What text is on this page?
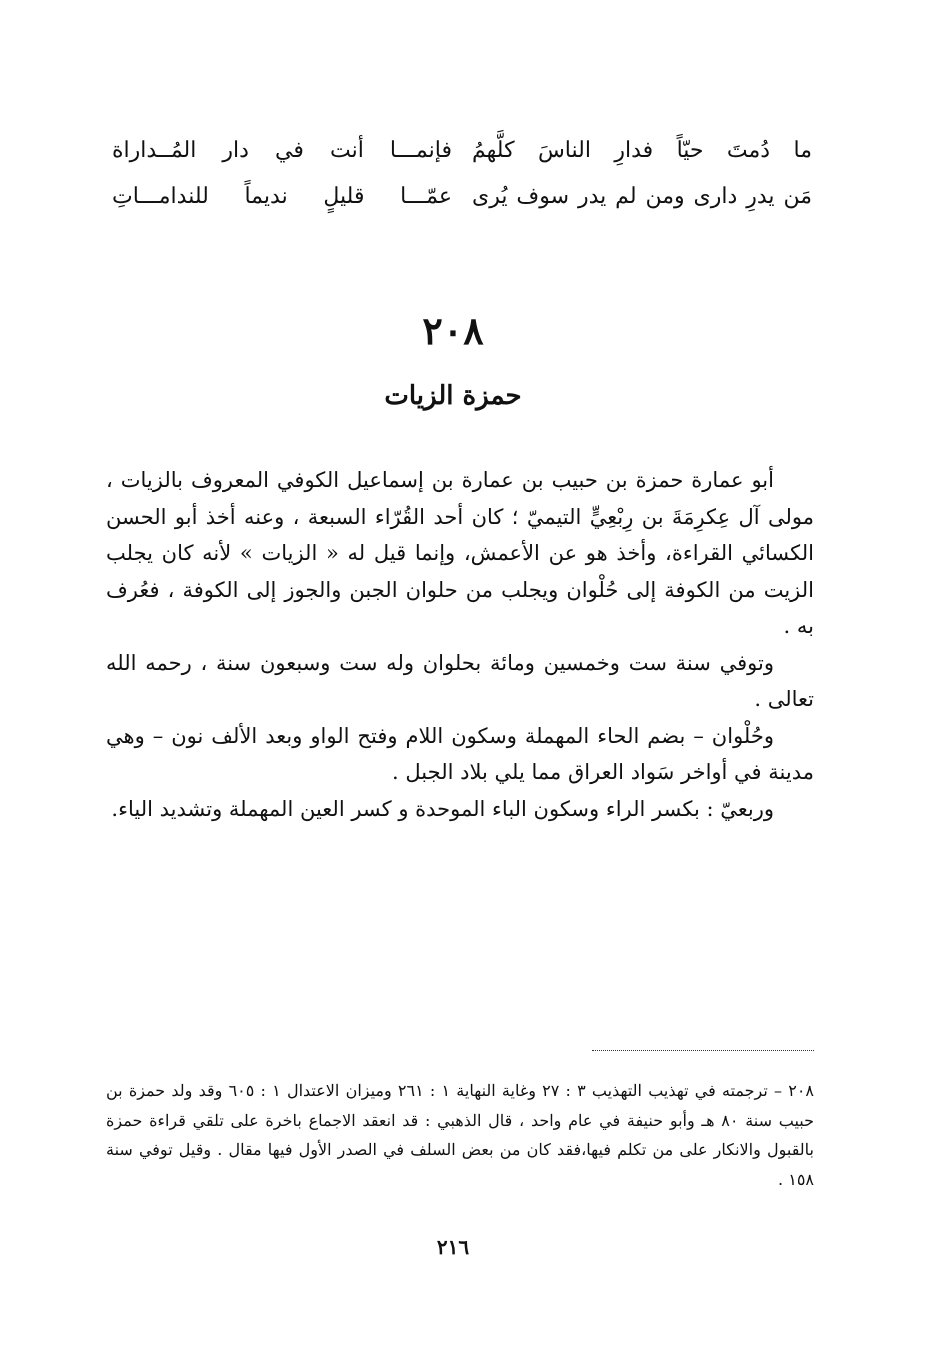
ما دُمتَ حيّاً فدارِ الناسَ كلَّهمُ
فإنمـــا أنت في دار المُــداراة
مَن يدرِ دارى ومن لم يدر سوف يُرى
عمّـــا قليلٍ نديماً للندامـــاتِ
٢٠٨
حمزة الزيات

أبو عمارة حمزة بن حبيب بن عمارة بن إسماعيل الكوفي المعروف بالزيات ، مولى آل عِكرِمَةَ بن رِبْعِيٍّ التيميّ ؛ كان أحد القُرّاء السبعة ، وعنه أخذ أبو الحسن الكسائي القراءة، وأخذ هو عن الأعمش، وإنما قيل له « الزيات » لأنه كان يجلب الزيت من الكوفة إلى حُلْوان ويجلب من حلوان الجبن والجوز إلى الكوفة ، فعُرف به .

وتوفي سنة ست وخمسين ومائة بحلوان وله ست وسبعون سنة ، رحمه الله تعالى .

وحُلْوان – بضم الحاء المهملة وسكون اللام وفتح الواو وبعد الألف نون – وهي مدينة في أواخر سَواد العراق مما يلي بلاد الجبل .

وربعيّ : بكسر الراء وسكون الباء الموحدة و كسر العين المهملة وتشديد الياء.

٢٠٨ – ترجمته في تهذيب التهذيب ٣ : ٢٧ وغاية النهاية ١ : ٢٦١ وميزان الاعتدال ١ : ٦٠٥ وقد ولد حمزة بن حبيب سنة ٨٠ هـ وأبو حنيفة في عام واحد ، قال الذهبي : قد انعقد الاجماع باخرة على تلقي قراءة حمزة بالقبول والانكار على من تكلم فيها،فقد كان من بعض السلف في الصدر الأول فيها مقال . وقيل توفي سنة ١٥٨ .

٢١٦
